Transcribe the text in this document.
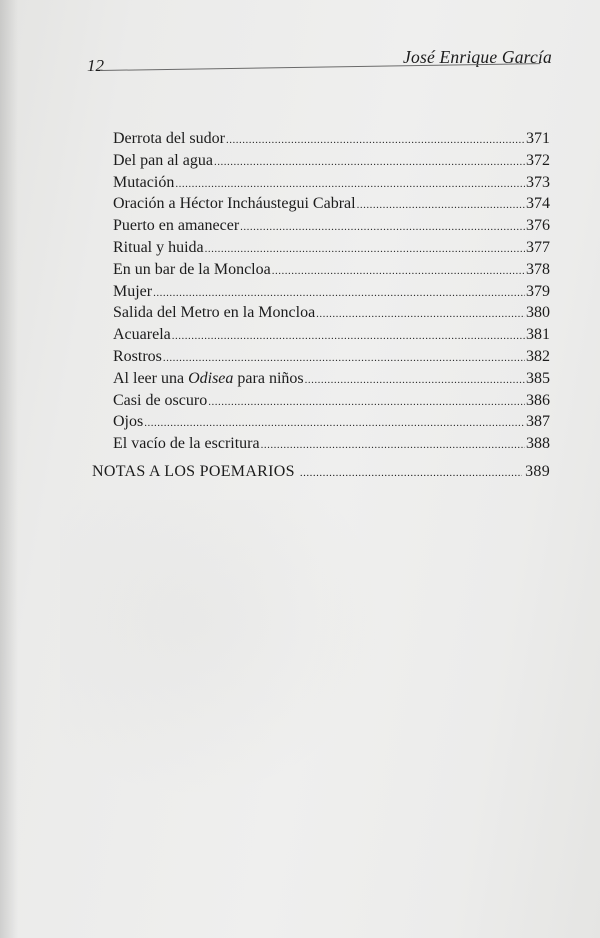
12	José Enrique García
Derrota del sudor .....	371
Del pan al agua .....	372
Mutación .....	373
Oración a Héctor Incháustegui Cabral .....	374
Puerto en amanecer .....	376
Ritual y huida .....	377
En un bar de la Moncloa .....	378
Mujer .....	379
Salida del Metro en la Moncloa .....	380
Acuarela .....	381
Rostros .....	382
Al leer una Odisea para niños .....	385
Casi de oscuro .....	386
Ojos .....	387
El vacío de la escritura .....	388
NOTAS A LOS POEMARIOS .....	389
